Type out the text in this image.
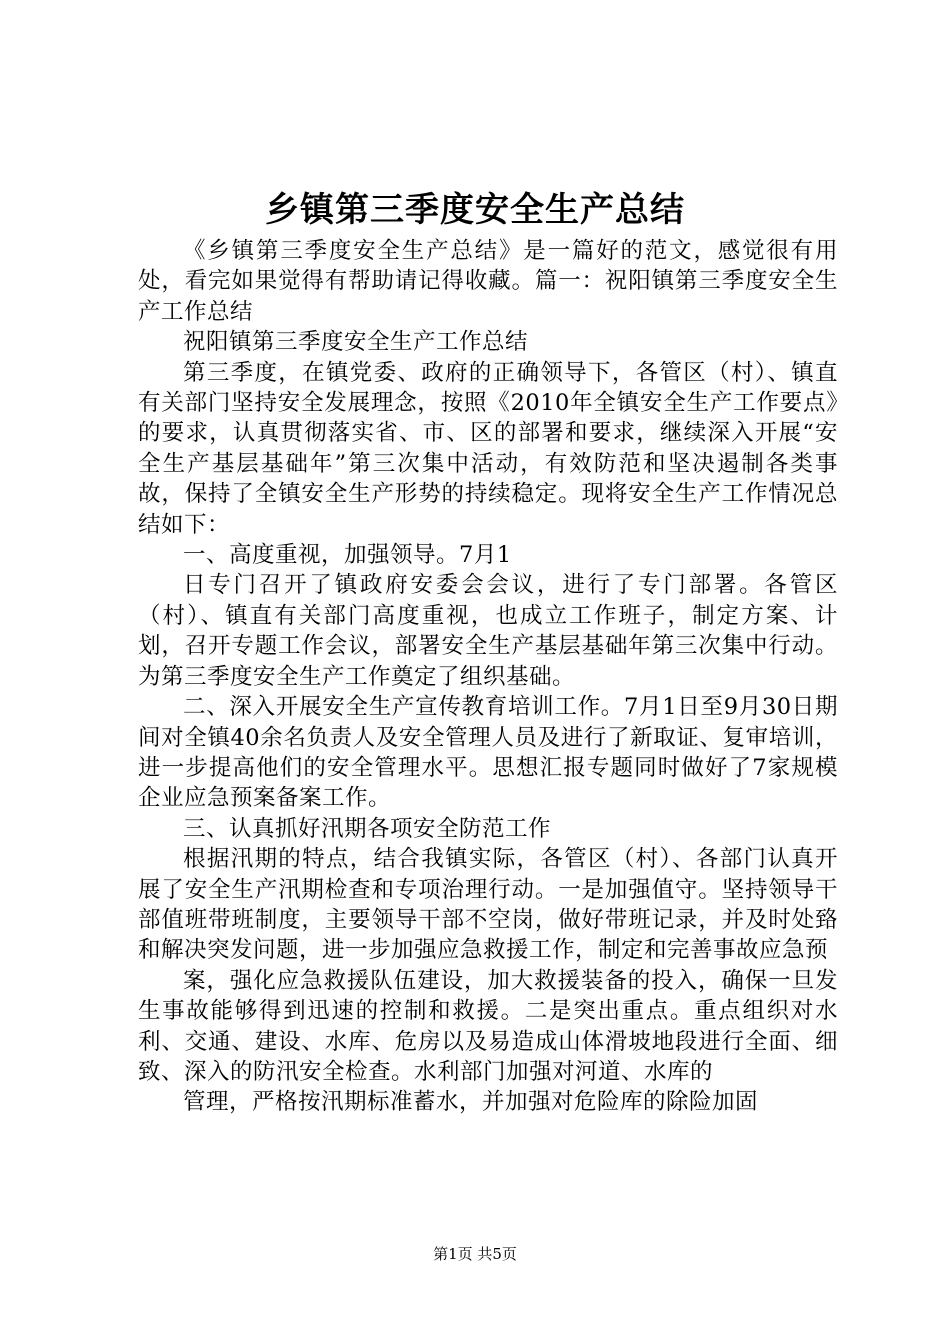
乡镇第三季度安全生产总结

《乡镇第三季度安全生产总结》是一篇好的范文，感觉很有用处，看完如果觉得有帮助请记得收藏。篇一：祝阳镇第三季度安全生产工作总结

祝阳镇第三季度安全生产工作总结

第三季度，在镇党委、政府的正确领导下，各管区（村）、镇直有关部门坚持安全发展理念，按照《2010年全镇安全生产工作要点》的要求，认真贯彻落实省、市、区的部署和要求，继续深入开展“安全生产基层基础年”第三次集中活动，有效防范和坚决遏制各类事故，保持了全镇安全生产形势的持续稳定。现将安全生产工作情况总结如下：

一、高度重视，加强领导。7月1

日专门召开了镇政府安委会会议，进行了专门部署。各管区（村）、镇直有关部门高度重视，也成立工作班子，制定方案、计划，召开专题工作会议，部署安全生产基层基础年第三次集中行动。为第三季度安全生产工作奠定了组织基础。

二、深入开展安全生产宣传教育培训工作。7月1日至9月30日期间对全镇40余名负责人及安全管理人员及进行了新取证、复审培训，进一步提高他们的安全管理水平。思想汇报专题同时做好了7家规模企业应急预案备案工作。

三、认真抓好汛期各项安全防范工作

根据汛期的特点，结合我镇实际，各管区（村）、各部门认真开展了安全生产汛期检查和专项治理行动。一是加强值守。坚持领导干部值班带班制度，主要领导干部不空岗，做好带班记录，并及时处臵和解决突发问题，进一步加强应急救援工作，制定和完善事故应急预

案，强化应急救援队伍建设，加大救援装备的投入，确保一旦发生事故能够得到迅速的控制和救援。二是突出重点。重点组织对水利、交通、建设、水库、危房以及易造成山体滑坡地段进行全面、细致、深入的防汛安全检查。水利部门加强对河道、水库的

管理，严格按汛期标准蓄水，并加强对危险库的除险加固

第1页 共5页
